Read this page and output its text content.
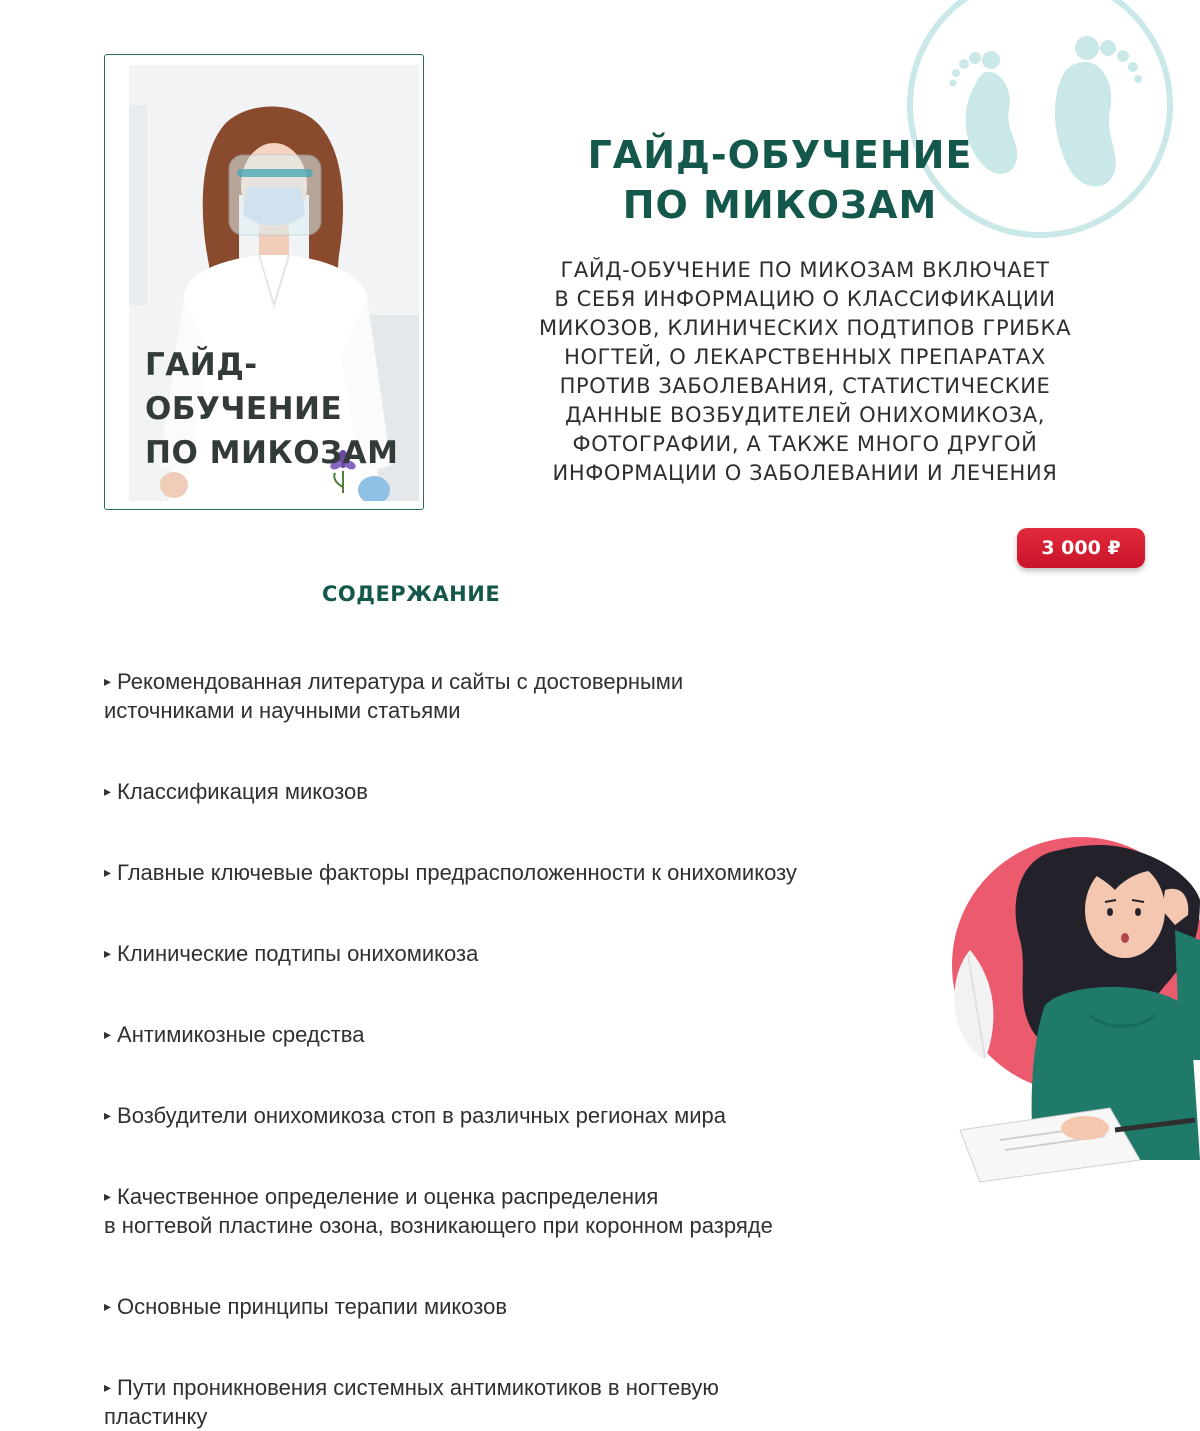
רֶגֶל
ГАЙД-ОБУЧЕНИЕ
ПО МИКОЗАМ
ГАЙД-ОБУЧЕНИЕ
ПО МИКОЗАМ
ГАЙД-ОБУЧЕНИЕ ПО МИКОЗАМ ВКЛЮЧАЕТ
В СЕБЯ ИНФОРМАЦИЮ О КЛАССИФИКАЦИИ
МИКОЗОВ, КЛИНИЧЕСКИХ ПОДТИПОВ ГРИБКА
НОГТЕЙ, О ЛЕКАРСТВЕННЫХ ПРЕПАРАТАХ
ПРОТИВ ЗАБОЛЕВАНИЯ, СТАТИСТИЧЕСКИЕ
ДАННЫЕ ВОЗБУДИТЕЛЕЙ ОНИХОМИКОЗА,
ФОТОГРАФИИ, А ТАКЖЕ МНОГО ДРУГОЙ
ИНФОРМАЦИИ О ЗАБОЛЕВАНИИ И ЛЕЧЕНИЯ
3 000 ₽
СОДЕРЖАНИЕ

▸ Рекомендованная литература и сайты с достоверными
источниками и научными статьями

▸ Классификация микозов

▸ Главные ключевые факторы предрасположенности к онихомикозу

▸ Клинические подтипы онихомикоза

▸ Антимикозные средства

▸ Возбудители онихомикоза стоп в различных регионах мира

▸ Качественное определение и оценка распределения
в ногтевой пластине озона, возникающего при коронном разряде

▸ Основные принципы терапии микозов

▸ Пути проникновения системных антимикотиков в ногтевую
пластинку
